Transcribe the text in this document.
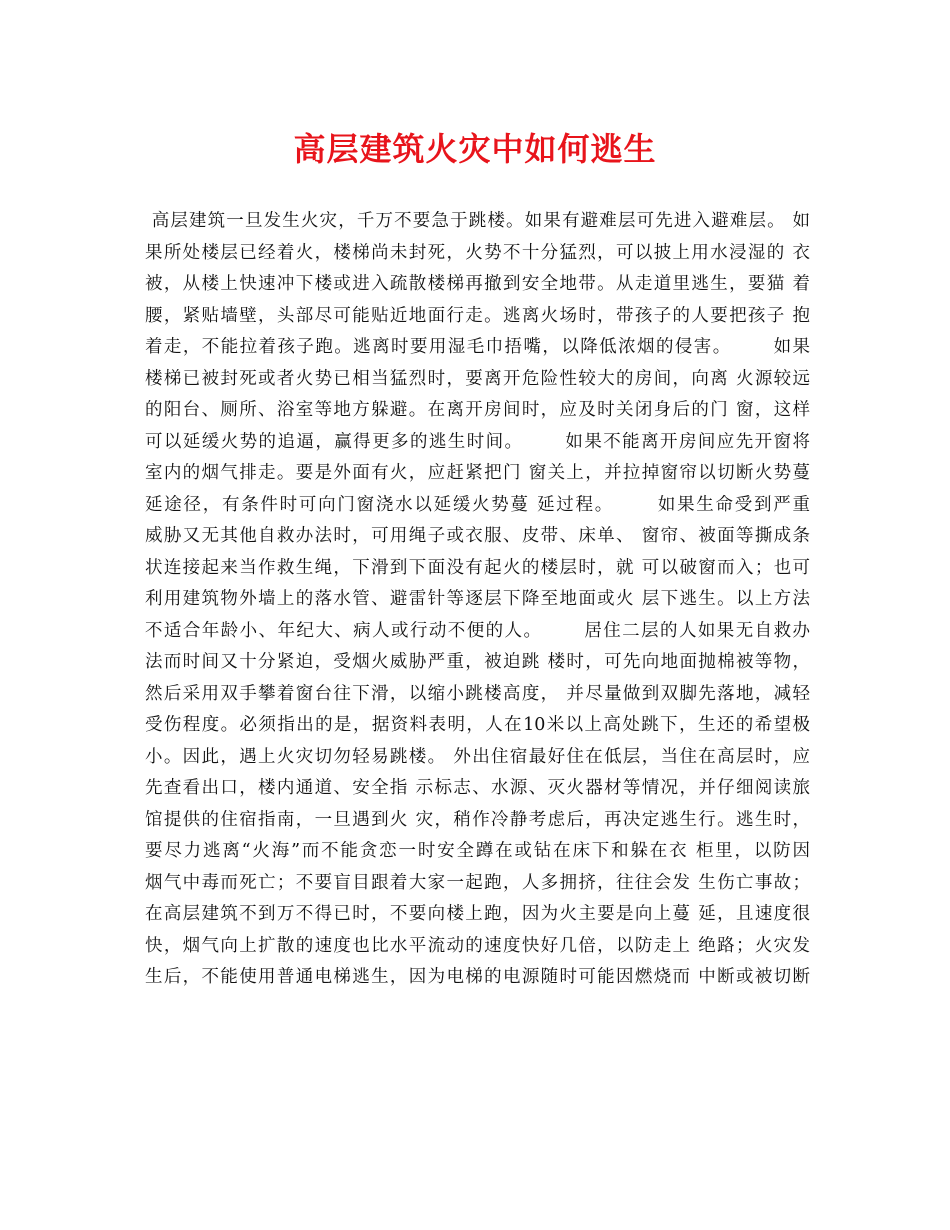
高层建筑火灾中如何逃生
高层建筑一旦发生火灾，千万不要急于跳楼。如果有避难层可先进入避难层。 如
果所处楼层已经着火，楼梯尚未封死，火势不十分猛烈，可以披上用水浸湿的 衣
被，从楼上快速冲下楼或进入疏散楼梯再撤到安全地带。从走道里逃生，要猫 着
腰，紧贴墙壁，头部尽可能贴近地面行走。逃离火场时，带孩子的人要把孩子 抱
着走，不能拉着孩子跑。逃离时要用湿毛巾捂嘴，以降低浓烟的侵害。      如果
楼梯已被封死或者火势已相当猛烈时，要离开危险性较大的房间，向离 火源较远
的阳台、厕所、浴室等地方躲避。在离开房间时，应及时关闭身后的门 窗，这样
可以延缓火势的追逼，赢得更多的逃生时间。      如果不能离开房间应先开窗将
室内的烟气排走。要是外面有火，应赶紧把门 窗关上，并拉掉窗帘以切断火势蔓
延途径，有条件时可向门窗浇水以延缓火势蔓 延过程。      如果生命受到严重
威胁又无其他自救办法时，可用绳子或衣服、皮带、床单、 窗帘、被面等撕成条
状连接起来当作救生绳，下滑到下面没有起火的楼层时，就 可以破窗而入；也可
利用建筑物外墙上的落水管、避雷针等逐层下降至地面或火 层下逃生。以上方法
不适合年龄小、年纪大、病人或行动不便的人。      居住二层的人如果无自救办
法而时间又十分紧迫，受烟火威胁严重，被迫跳 楼时，可先向地面抛棉被等物，
然后采用双手攀着窗台往下滑，以缩小跳楼高度， 并尽量做到双脚先落地，减轻
受伤程度。必须指出的是，据资料表明，人在10米以上高处跳下，生还的希望极
小。因此，遇上火灾切勿轻易跳楼。 外出住宿最好住在低层，当住在高层时，应
先查看出口，楼内通道、安全指 示标志、水源、灭火器材等情况，并仔细阅读旅
馆提供的住宿指南，一旦遇到火 灾，稍作冷静考虑后，再决定逃生行。逃生时，
要尽力逃离“火海”而不能贪恋一时安全蹲在或钻在床下和躲在衣 柜里，以防因
烟气中毒而死亡；不要盲目跟着大家一起跑，人多拥挤，往往会发 生伤亡事故；
在高层建筑不到万不得已时，不要向楼上跑，因为火主要是向上蔓 延，且速度很
快，烟气向上扩散的速度也比水平流动的速度快好几倍，以防走上 绝路；火灾发
生后，不能使用普通电梯逃生，因为电梯的电源随时可能因燃烧而 中断或被切断
